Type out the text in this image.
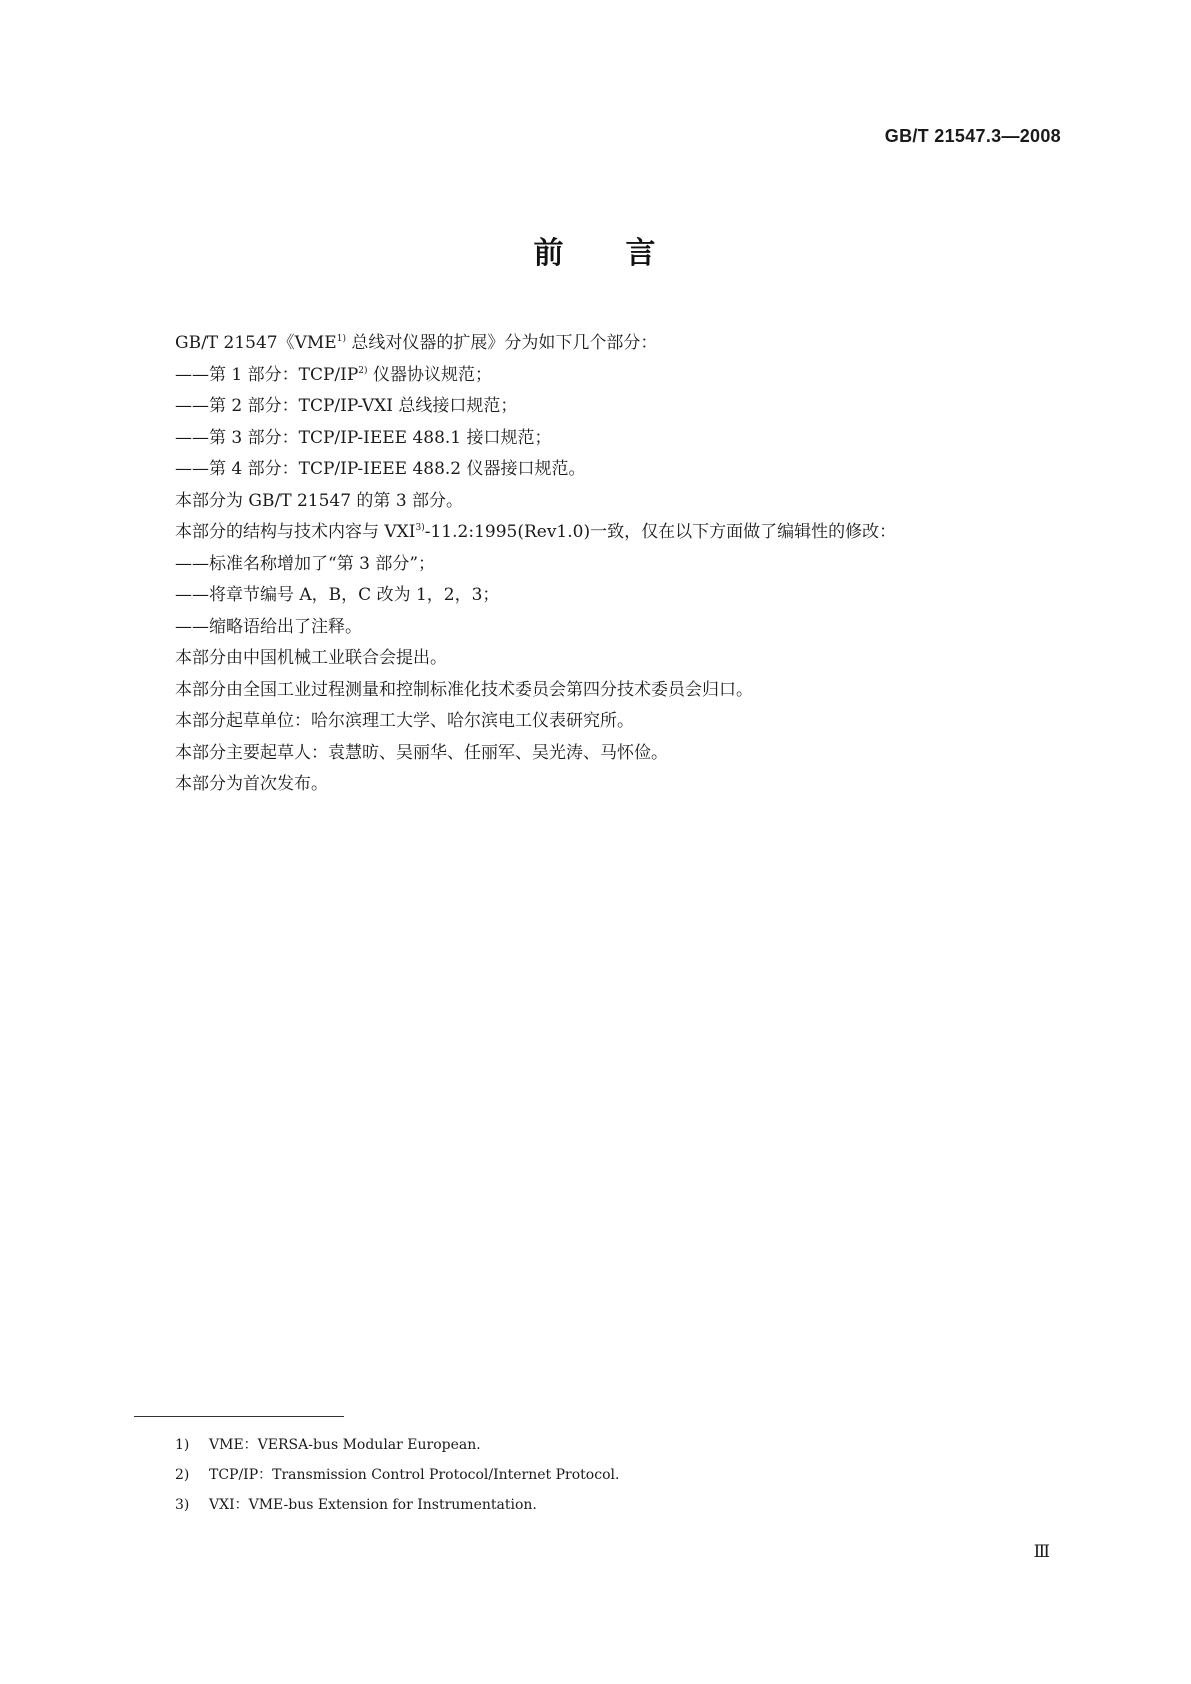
GB/T 21547.3—2008
前 言
GB/T 21547《VME$^{1)}$ 总线对仪器的扩展》分为如下几个部分：
——第 1 部分：TCP/IP$^{2)}$ 仪器协议规范；
——第 2 部分：TCP/IP-VXI 总线接口规范；
——第 3 部分：TCP/IP-IEEE 488.1 接口规范；
——第 4 部分：TCP/IP-IEEE 488.2 仪器接口规范。
本部分为 GB/T 21547 的第 3 部分。
本部分的结构与技术内容与 VXI$^{3)}$-11.2:1995(Rev1.0)一致，仅在以下方面做了编辑性的修改：
——标准名称增加了“第 3 部分”；
——将章节编号 A，B，C 改为 1，2，3；
——缩略语给出了注释。
本部分由中国机械工业联合会提出。
本部分由全国工业过程测量和控制标准化技术委员会第四分技术委员会归口。
本部分起草单位：哈尔滨理工大学、哈尔滨电工仪表研究所。
本部分主要起草人：袁慧昉、吴丽华、任丽军、吴光涛、马怀俭。
本部分为首次发布。
1) VME：VERSA-bus Modular European.
2) TCP/IP：Transmission Control Protocol/Internet Protocol.
3) VXI：VME-bus Extension for Instrumentation.
Ⅲ
